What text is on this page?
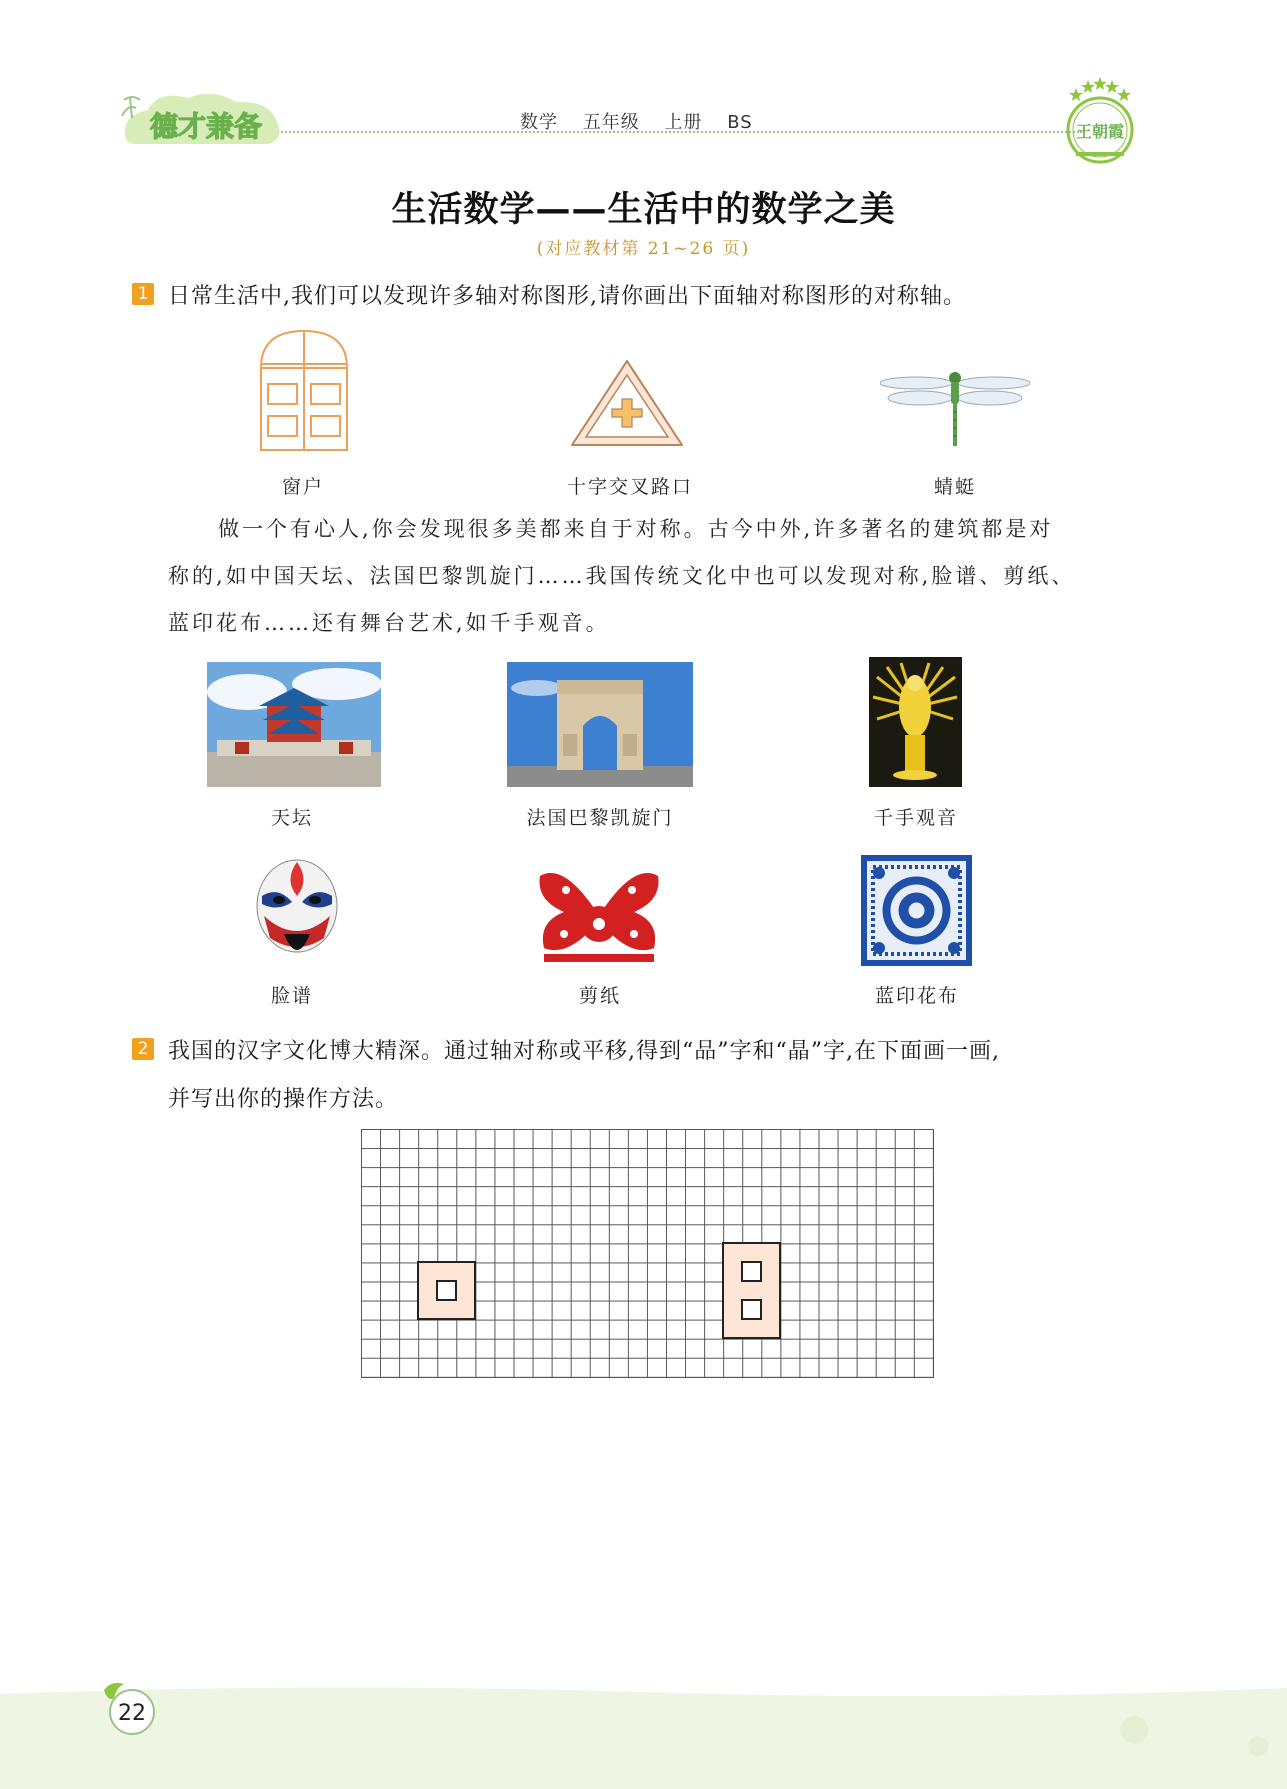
德才兼备	数学 五年级 上册 BS	王朝霞
生活数学——生活中的数学之美
(对应教材第 21~26 页)
1 日常生活中,我们可以发现许多轴对称图形,请你画出下面轴对称图形的对称轴。
窗户	十字交叉路口	蜻蜓
做一个有心人,你会发现很多美都来自于对称。古今中外,许多著名的建筑都是对
称的,如中国天坛、法国巴黎凯旋门……我国传统文化中也可以发现对称,脸谱、剪纸、
蓝印花布……还有舞台艺术,如千手观音。
天坛	法国巴黎凯旋门	千手观音
脸谱	剪纸	蓝印花布
2 我国的汉字文化博大精深。通过轴对称或平移,得到“品”字和“晶”字,在下面画一画,
并写出你的操作方法。
22
